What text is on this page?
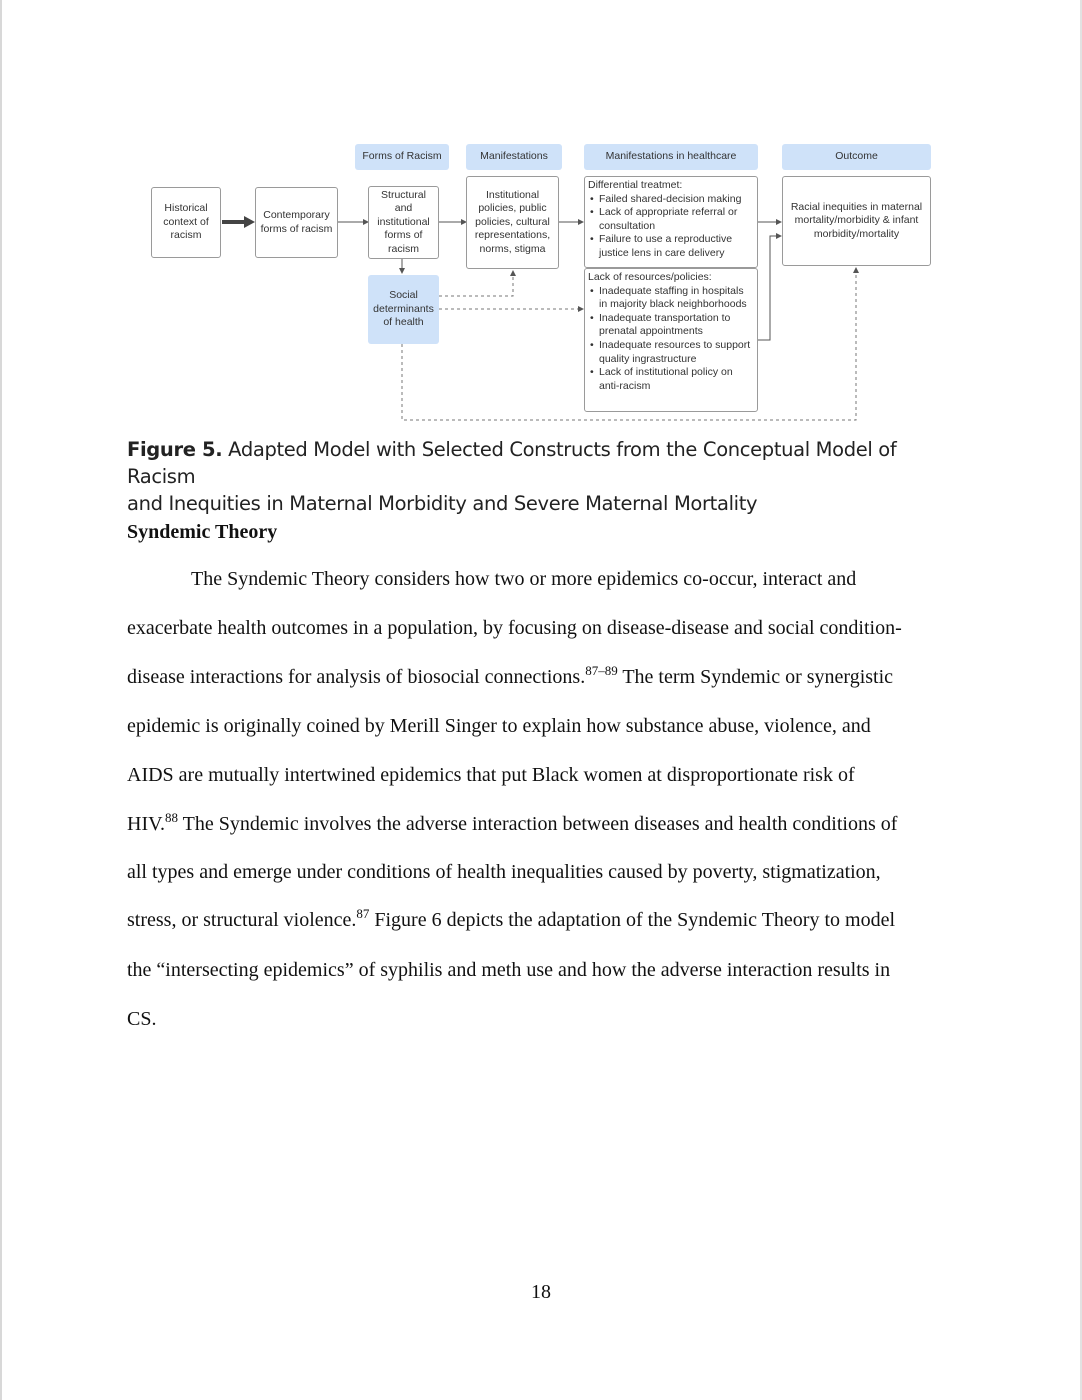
Forms of Racism	Manifestations	Manifestations in healthcare	Outcome
Historical context of racism
Contemporary forms of racism
Structural and institutional forms of racism
Institutional policies, public policies, cultural representations, norms, stigma
Social determinants of health
Differential treatmet:
• Failed shared-decision making
• Lack of appropriate referral or consultation
• Failure to use a reproductive justice lens in care delivery
Lack of resources/policies:
• Inadequate staffing in hospitals in majority black neighborhoods
• Inadequate transportation to prenatal appointments
• Inadequate resources to support quality ingrastructure
• Lack of institutional policy on anti-racism
Racial inequities in maternal mortality/morbidity & infant morbidity/mortality
Figure 5. Adapted Model with Selected Constructs from the Conceptual Model of Racism
and Inequities in Maternal Morbidity and Severe Maternal Mortality
Syndemic Theory
The Syndemic Theory considers how two or more epidemics co-occur, interact and
exacerbate health outcomes in a population, by focusing on disease-disease and social condition-
disease interactions for analysis of biosocial connections.$^{87-89}$ The term Syndemic or synergistic
epidemic is originally coined by Merill Singer to explain how substance abuse, violence, and
AIDS are mutually intertwined epidemics that put Black women at disproportionate risk of
HIV.$^{88}$ The Syndemic involves the adverse interaction between diseases and health conditions of
all types and emerge under conditions of health inequalities caused by poverty, stigmatization,
stress, or structural violence.$^{87}$ Figure 6 depicts the adaptation of the Syndemic Theory to model
the “intersecting epidemics” of syphilis and meth use and how the adverse interaction results in
CS.
18
